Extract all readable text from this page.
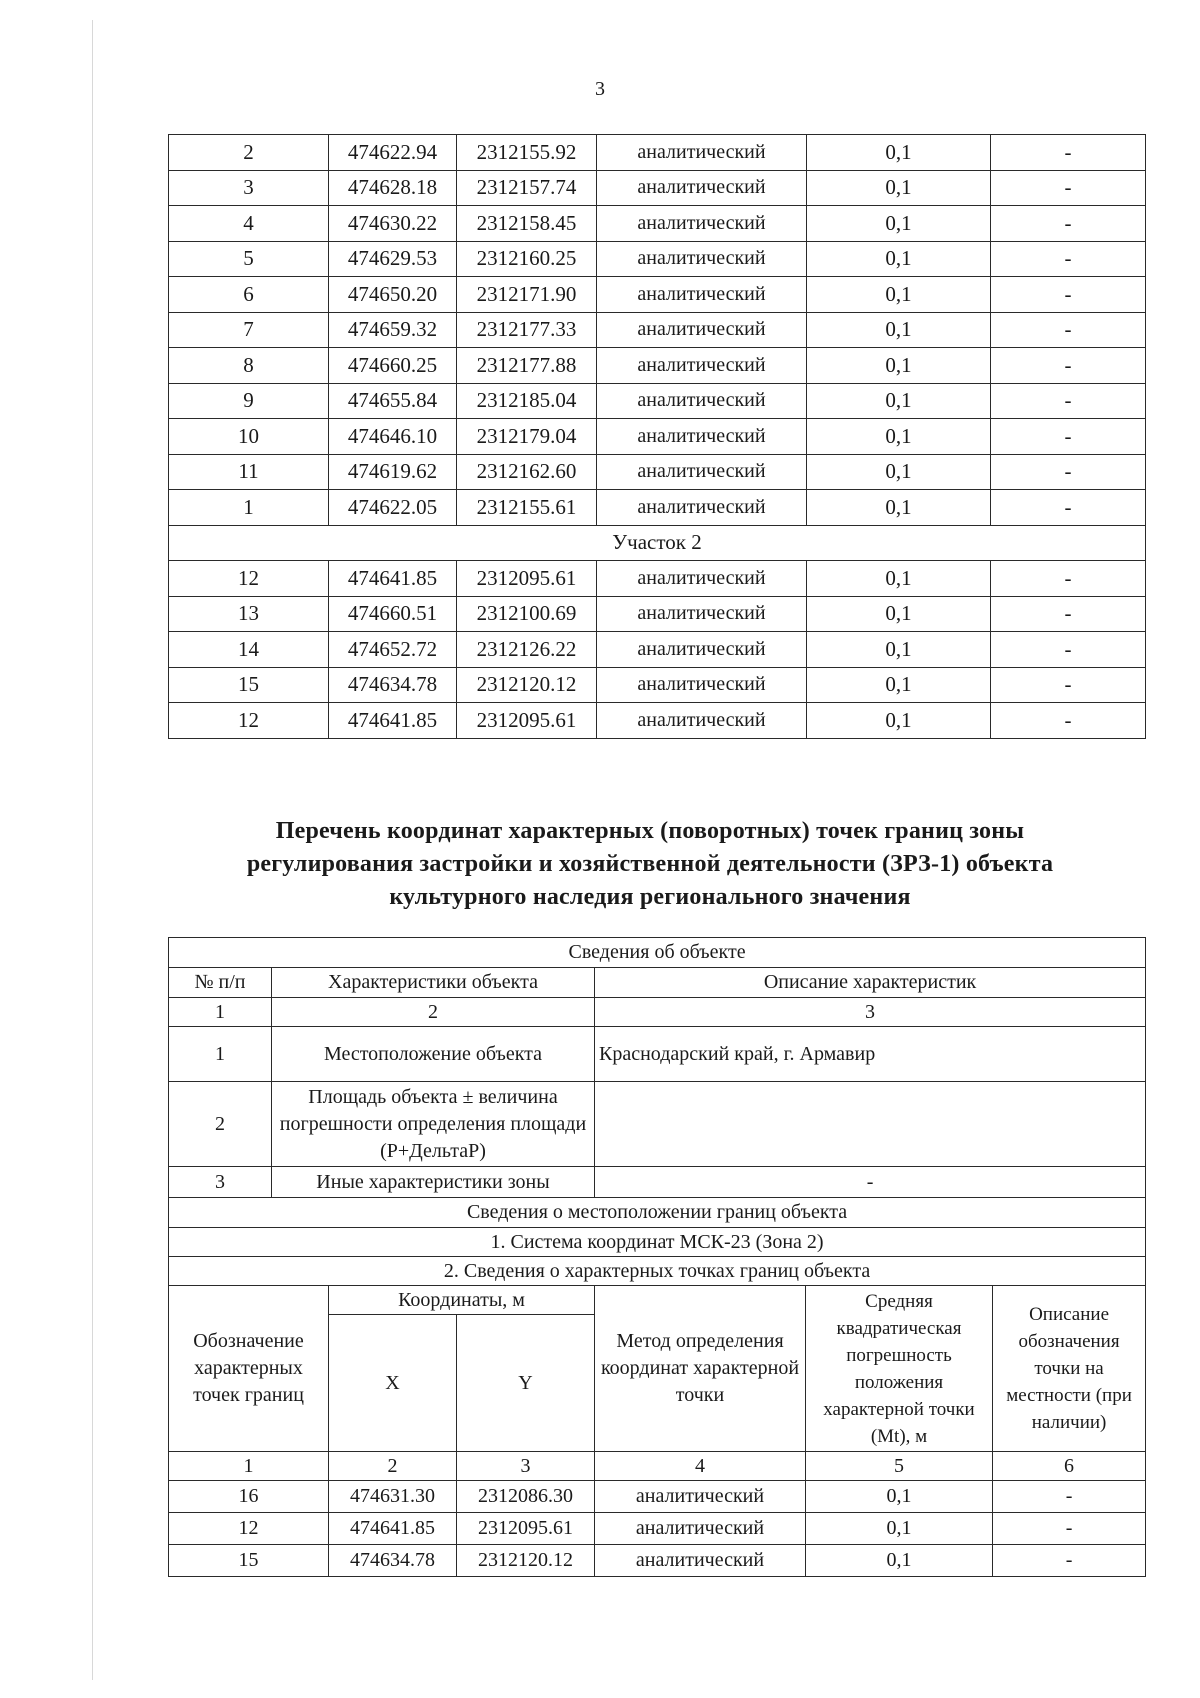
3
2	474622.94	2312155.92	аналитический	0,1	-
3	474628.18	2312157.74	аналитический	0,1	-
4	474630.22	2312158.45	аналитический	0,1	-
5	474629.53	2312160.25	аналитический	0,1	-
6	474650.20	2312171.90	аналитический	0,1	-
7	474659.32	2312177.33	аналитический	0,1	-
8	474660.25	2312177.88	аналитический	0,1	-
9	474655.84	2312185.04	аналитический	0,1	-
10	474646.10	2312179.04	аналитический	0,1	-
11	474619.62	2312162.60	аналитический	0,1	-
1	474622.05	2312155.61	аналитический	0,1	-
Участок 2					
12	474641.85	2312095.61	аналитический	0,1	-
13	474660.51	2312100.69	аналитический	0,1	-
14	474652.72	2312126.22	аналитический	0,1	-
15	474634.78	2312120.12	аналитический	0,1	-
12	474641.85	2312095.61	аналитический	0,1	-
Перечень координат характерных (поворотных) точек границ зоны
регулирования застройки и хозяйственной деятельности (ЗРЗ-1) объекта
культурного наследия регионального значения
Сведения об объекте						
№ п/п	Характеристики объекта			Описание характеристик		
1	2			3		
1	Местоположение объекта			Краснодарский край, г. Армавир		
2	Площадь объекта ± величина погрешности определения площади (Р+ДельтаР)					
3	Иные характеристики зоны			-		
Сведения о местоположении границ объекта						
1. Система координат МСК-23 (Зона 2)						
2. Сведения о характерных точках границ объекта						
Обозначение характерных точек границ		Координаты, м		Метод определения координат характерной точки	Средняя квадратическая погрешность положения характерной точки (Mt), м	Описание обозначения точки на местности (при наличии)
		X	Y			
1		2	3	4	5	6
16		474631.30	2312086.30	аналитический	0,1	-
12		474641.85	2312095.61	аналитический	0,1	-
15		474634.78	2312120.12	аналитический	0,1	-
